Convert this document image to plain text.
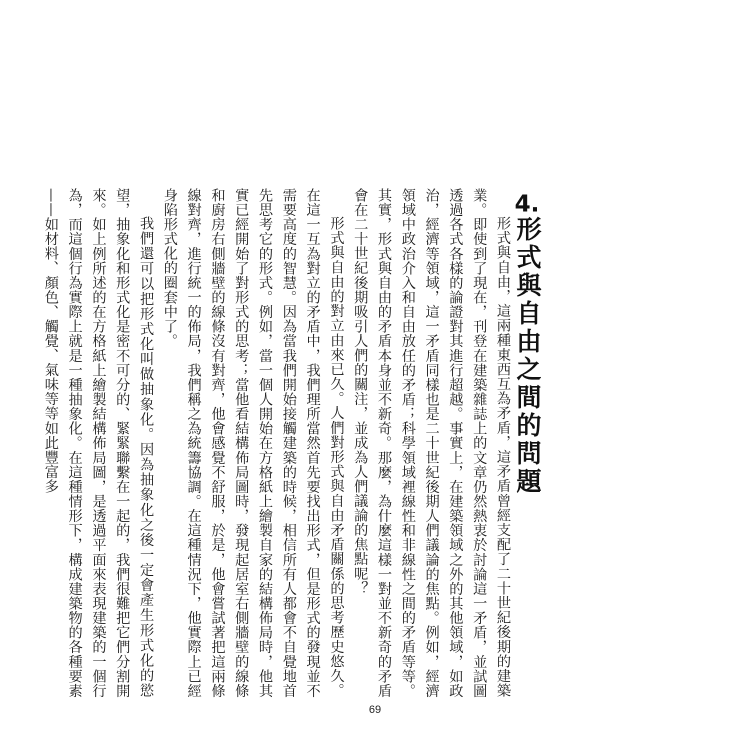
4.形式與自由之間的問題

形式與自由，這兩種東西互為矛盾，這矛盾曾經支配了二十世紀後期的建築業。即使到了現在，刊登在建築雜誌上的文章仍然熱衷於討論這一矛盾，並試圖透過各式各樣的論證對其進行超越。事實上，在建築領域之外的其他領域，如政治，經濟等領域，這一矛盾同樣也是二十世紀後期人們議論的焦點。例如，經濟領域中政治介入和自由放任的矛盾；科學領域裡線性和非線性之間的矛盾等等。其實，形式與自由的矛盾本身並不新奇。那麼，為什麼這樣一對並不新奇的矛盾會在二十世紀後期吸引人們的關注，並成為人們議論的焦點呢？

形式與自由的對立由來已久。人們對形式與自由矛盾關係的思考歷史悠久。在這一互為對立的矛盾中，我們理所當然首先要找出形式，但是形式的發現並不需要高度的智慧。因為當我們開始接觸建築的時候，相信所有人都會不自覺地首先思考它的形式。例如，當一個人開始在方格紙上繪製自家的結構佈局時，他其實已經開始了對形式的思考；當他看結構佈局圖時，發現起居室右側牆壁的線條和廚房右側牆壁的線條沒有對齊，他會感覺不舒服，於是，他會嘗試著把這兩條線對齊，進行統一的佈局，我們稱之為統籌協調。在這種情況下，他實際上已經身陷形式化的圈套中了。

我們還可以把形式化叫做抽象化。因為抽象化之後一定會產生形式化的慾望，抽象化和形式化是密不可分的、緊緊聯繫在一起的，我們很難把它們分割開來。如上例所述的在方格紙上繪製結構佈局圖，是透過平面來表現建築的一個行為，而這個行為實際上就是一種抽象化。在這種情形下，構成建築物的各種要素——如材料、顏色、觸覺、氣味等等如此豐富多

69
